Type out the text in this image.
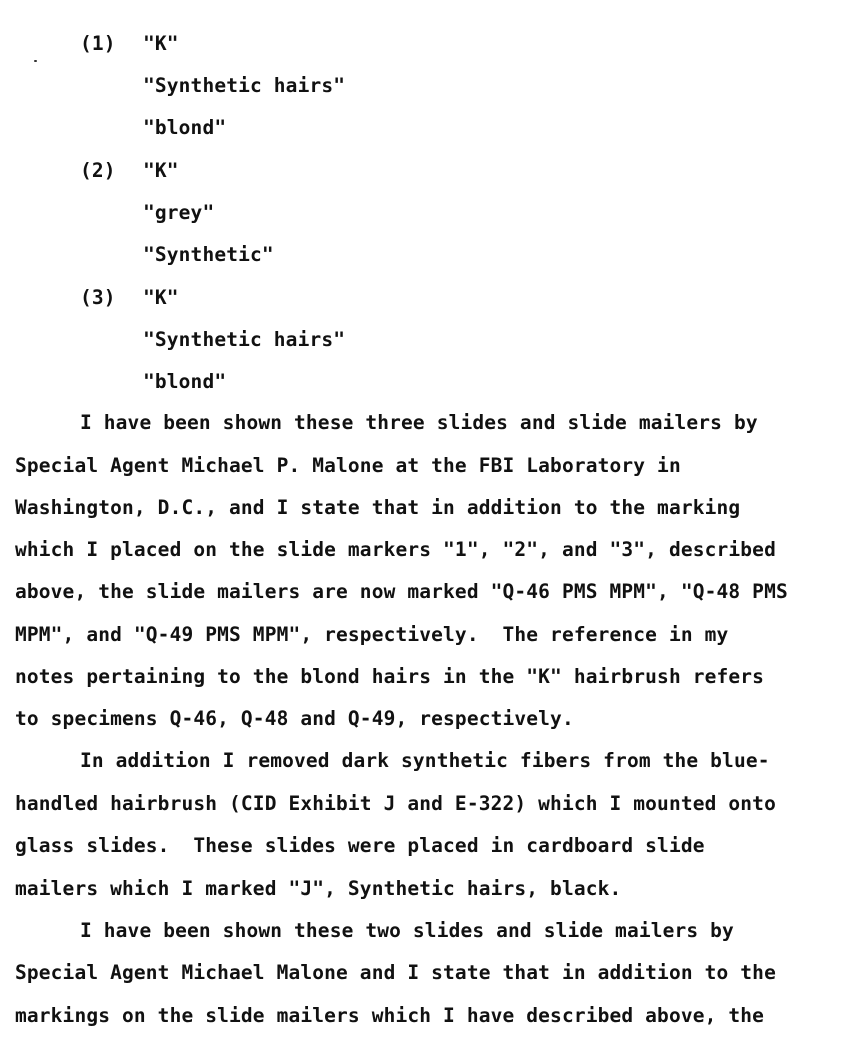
(1) "K"
"Synthetic hairs"
"blond"
(2) "K"
"grey"
"Synthetic"
(3) "K"
"Synthetic hairs"
"blond"
I have been shown these three slides and slide mailers by
Special Agent Michael P. Malone at the FBI Laboratory in
Washington, D.C., and I state that in addition to the marking
which I placed on the slide markers "1", "2", and "3", described
above, the slide mailers are now marked "Q-46 PMS MPM", "Q-48 PMS
MPM", and "Q-49 PMS MPM", respectively.  The reference in my
notes pertaining to the blond hairs in the "K" hairbrush refers
to specimens Q-46, Q-48 and Q-49, respectively.
In addition I removed dark synthetic fibers from the blue-
handled hairbrush (CID Exhibit J and E-322) which I mounted onto
glass slides.  These slides were placed in cardboard slide
mailers which I marked "J", Synthetic hairs, black.
I have been shown these two slides and slide mailers by
Special Agent Michael Malone and I state that in addition to the
markings on the slide mailers which I have described above, the
